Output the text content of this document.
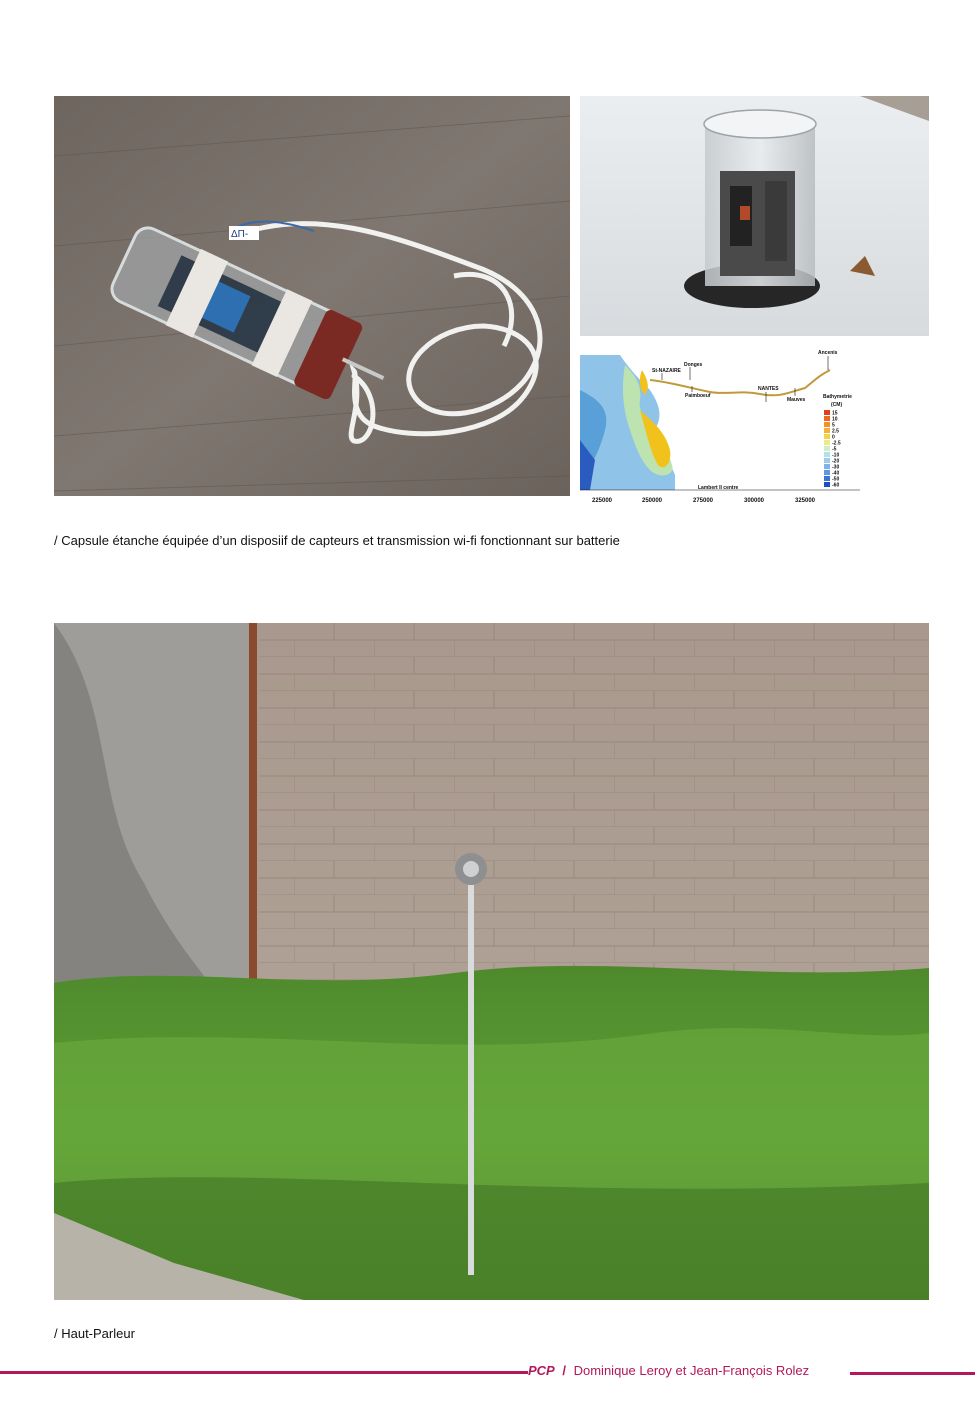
ΔΠ-
St-NAZAIRE
Donges
Paimboeuf
NANTES
Mauves
Ancenis
Bathymetrie
(CM)
15
10
5
2.5
0
-2.5
-5
-10
-20
-30
-40
-50
-60
225000	250000	275000	300000	325000
Lambert II centre
/ Capsule étanche équipée d’un disposiif de capteurs et transmission wi-fi fonctionnant sur batterie
/ Haut-Parleur
PCP / Dominique Leroy et Jean-François Rolez
